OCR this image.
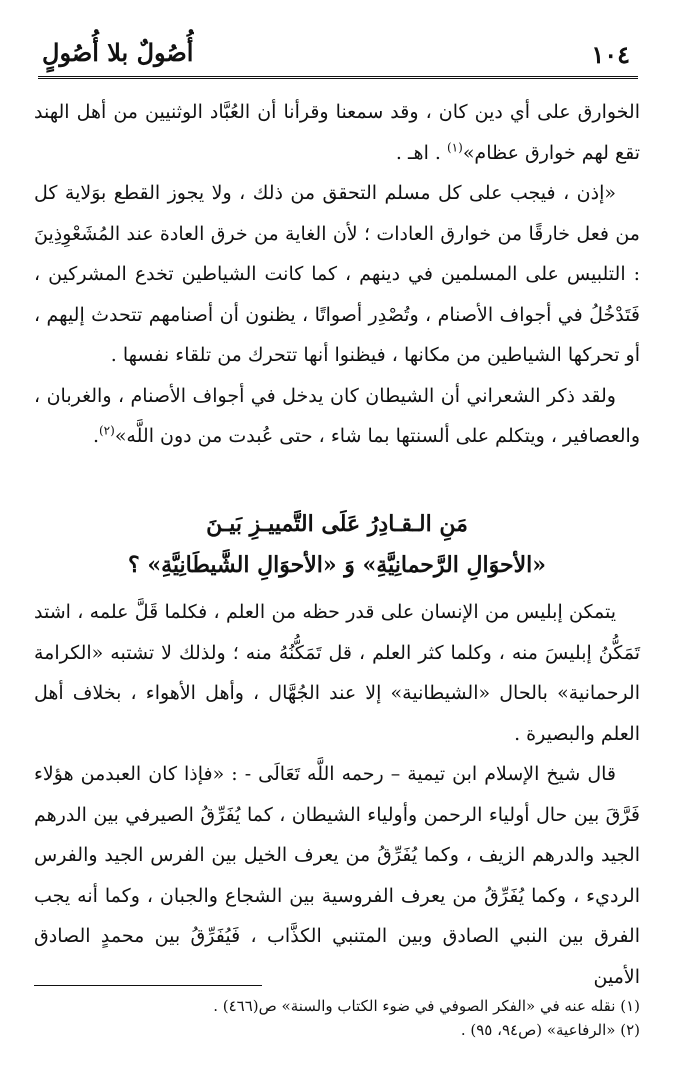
١٠٤
أُصُولٌ بلا أُصُولٍ

الخوارق على أي دين كان ، وقد سمعنا وقرأنا أن العُبَّاد الوثنيين من أهل الهند تقع لهم خوارق عظام»$^{(١)}$ . اهـ .

«إذن ، فيجب على كل مسلم التحقق من ذلك ، ولا يجوز القطع بوَلاية كل من فعل خارقًا من خوارق العادات ؛ لأن الغاية من خرق العادة عند المُشَعْوِذِينَ : التلبيس على المسلمين في دينهم ، كما كانت الشياطين تخدع المشركين ، فَتَدْخُلُ في أجواف الأصنام ، وتُصْدِر أصواتًا ، يظنون أن أصنامهم تتحدث إليهم ، أو تحركها الشياطين من مكانها ، فيظنوا أنها تتحرك من تلقاء نفسها .

ولقد ذكر الشعراني أن الشيطان كان يدخل في أجواف الأصنام ، والغربان ، والعصافير ، ويتكلم على ألسنتها بما شاء ، حتى عُبدت من دون اللَّه»$^{(٢)}$.

مَنِ الـقـادِرُ عَلَى التَّمييـزِ بَيـنَ
«الأحوَالِ الرَّحمانِيَّةِ» وَ «الأحوَالِ الشَّيطَانِيَّةِ» ؟

يتمكن إبليس من الإنسان على قدر حظه من العلم ، فكلما قَلَّ علمه ، اشتد تَمَكُّنُ إبليسَ منه ، وكلما كثر العلم ، قل تَمَكُّنُهُ منه ؛ ولذلك لا تشتبه «الكرامة الرحمانية» بالحال «الشيطانية» إلا عند الجُهَّال ، وأهل الأهواء ، بخلاف أهل العلم والبصيرة .

قال شيخ الإسلام ابن تيمية – رحمه اللَّه تَعَالَى - : «فإذا كان العبدمن هؤلاء فَرَّقَ بين حال أولياء الرحمن وأولياء الشيطان ، كما يُفَرِّقُ الصيرفي بين الدرهم الجيد والدرهم الزيف ، وكما يُفَرِّقُ من يعرف الخيل بين الفرس الجيد والفرس الرديء ، وكما يُفَرِّقُ من يعرف الفروسية بين الشجاع والجبان ، وكما أنه يجب الفرق بين النبي الصادق وبين المتنبي الكذَّاب ، فَيُفَرِّقُ بين محمدٍ الصادق الأمين

(١) نقله عنه في «الفكر الصوفي في ضوء الكتاب والسنة» ص(٤٦٦) .

(٢) «الرفاعية» (ص٩٤، ٩٥) .
